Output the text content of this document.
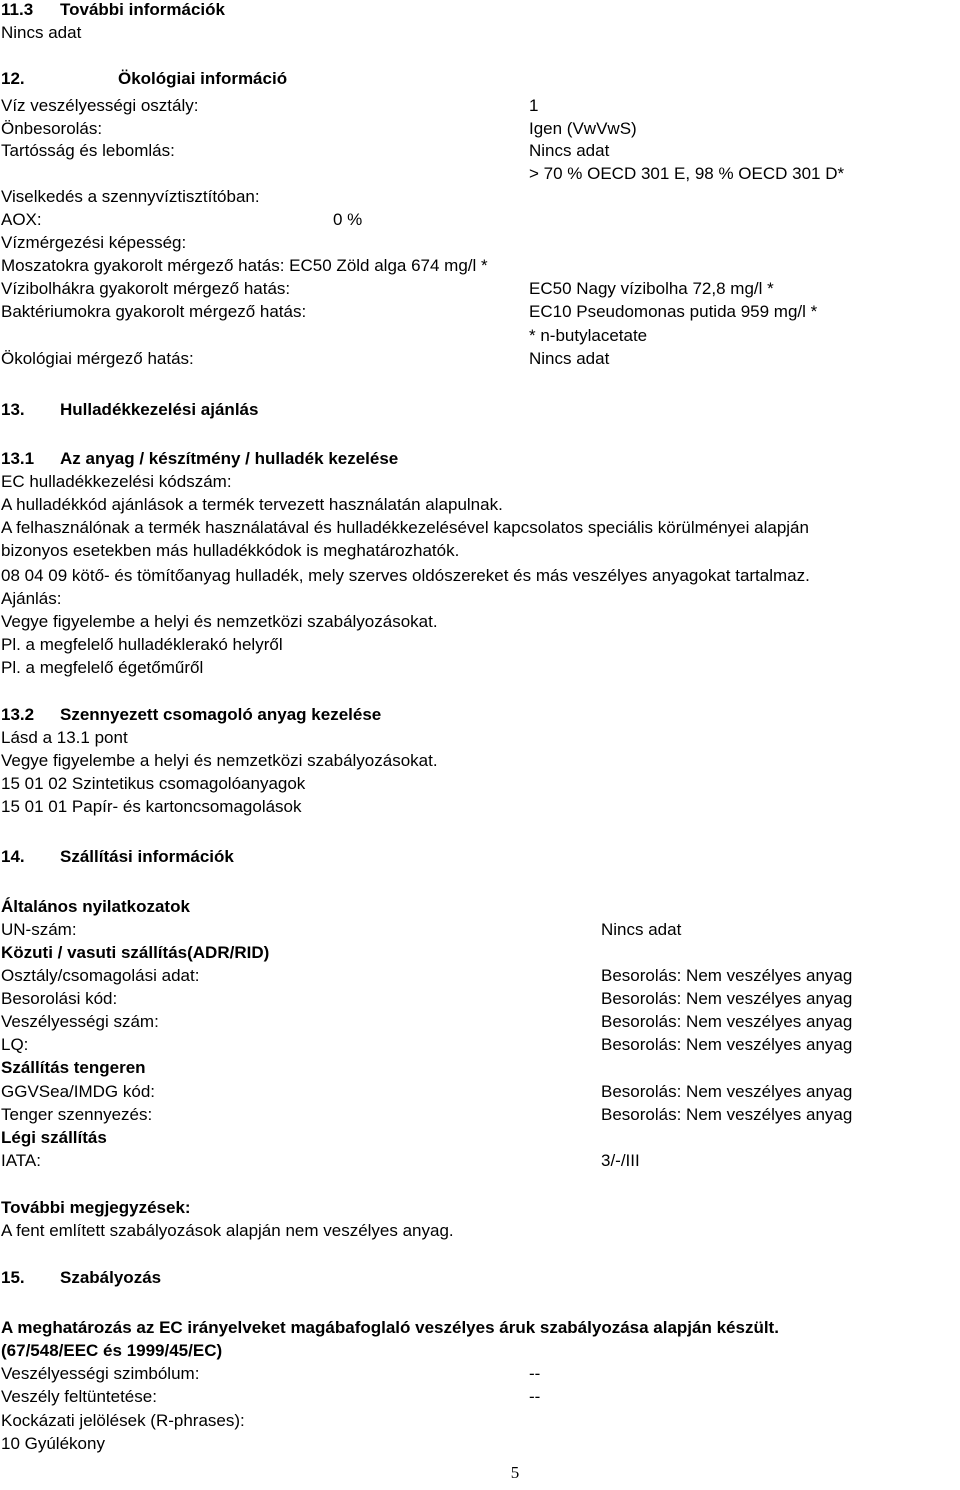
11.3 További információk
Nincs adat
12.	Ökológiai információ
Víz veszélyességi osztály:	1
Önbesorolás:	Igen (VwVwS)
Tartósság és lebomlás:	Nincs adat
> 70 % OECD 301 E, 98 % OECD 301 D*
Viselkedés a szennyvíztisztítóban:
AOX:	0 %
Vízmérgezési képesség:
Moszatokra gyakorolt mérgező hatás: EC50 Zöld alga 674 mg/l *
Vízibolhákra gyakorolt mérgező hatás:	EC50 Nagy vízibolha 72,8 mg/l *
Baktériumokra gyakorolt mérgező hatás:	EC10 Pseudomonas putida 959 mg/l *
* n-butylacetate
Ökológiai mérgező hatás:	Nincs adat
13. Hulladékkezelési ajánlás
13.1 Az anyag / készítmény / hulladék kezelése
EC hulladékkezelési kódszám:
A hulladékkód ajánlások a termék tervezett használatán alapulnak.
A felhasználónak a termék használatával és hulladékkezelésével kapcsolatos speciális körülményei alapján
bizonyos esetekben más hulladékkódok is meghatározhatók.
08 04 09 kötő- és tömítőanyag hulladék, mely szerves oldószereket és más veszélyes anyagokat tartalmaz.
Ajánlás:
Vegye figyelembe a helyi és nemzetközi szabályozásokat.
Pl. a megfelelő hulladéklerakó helyről
Pl. a megfelelő égetőműről
13.2 Szennyezett csomagoló anyag kezelése
Lásd a 13.1 pont
Vegye figyelembe a helyi és nemzetközi szabályozásokat.
15 01 02 Szintetikus csomagolóanyagok
15 01 01 Papír- és kartoncsomagolások
14. Szállítási információk
Általános nyilatkozatok
UN-szám:	Nincs adat
Közuti / vasuti szállítás(ADR/RID)
Osztály/csomagolási adat:	Besorolás: Nem veszélyes anyag
Besorolási kód:	Besorolás: Nem veszélyes anyag
Veszélyességi szám:	Besorolás: Nem veszélyes anyag
LQ:	Besorolás: Nem veszélyes anyag
Szállítás tengeren
GGVSea/IMDG kód:	Besorolás: Nem veszélyes anyag
Tenger szennyezés:	Besorolás: Nem veszélyes anyag
Légi szállítás
IATA:	3/-/III
További megjegyzések:
A fent említett szabályozások alapján nem veszélyes anyag.
15. Szabályozás
A meghatározás az EC irányelveket magábafoglaló veszélyes áruk szabályozása alapján készült.
(67/548/EEC és 1999/45/EC)
Veszélyességi szimbólum:	--
Veszély feltüntetése:	--
Kockázati jelölések (R-phrases):
10 Gyúlékony
5
